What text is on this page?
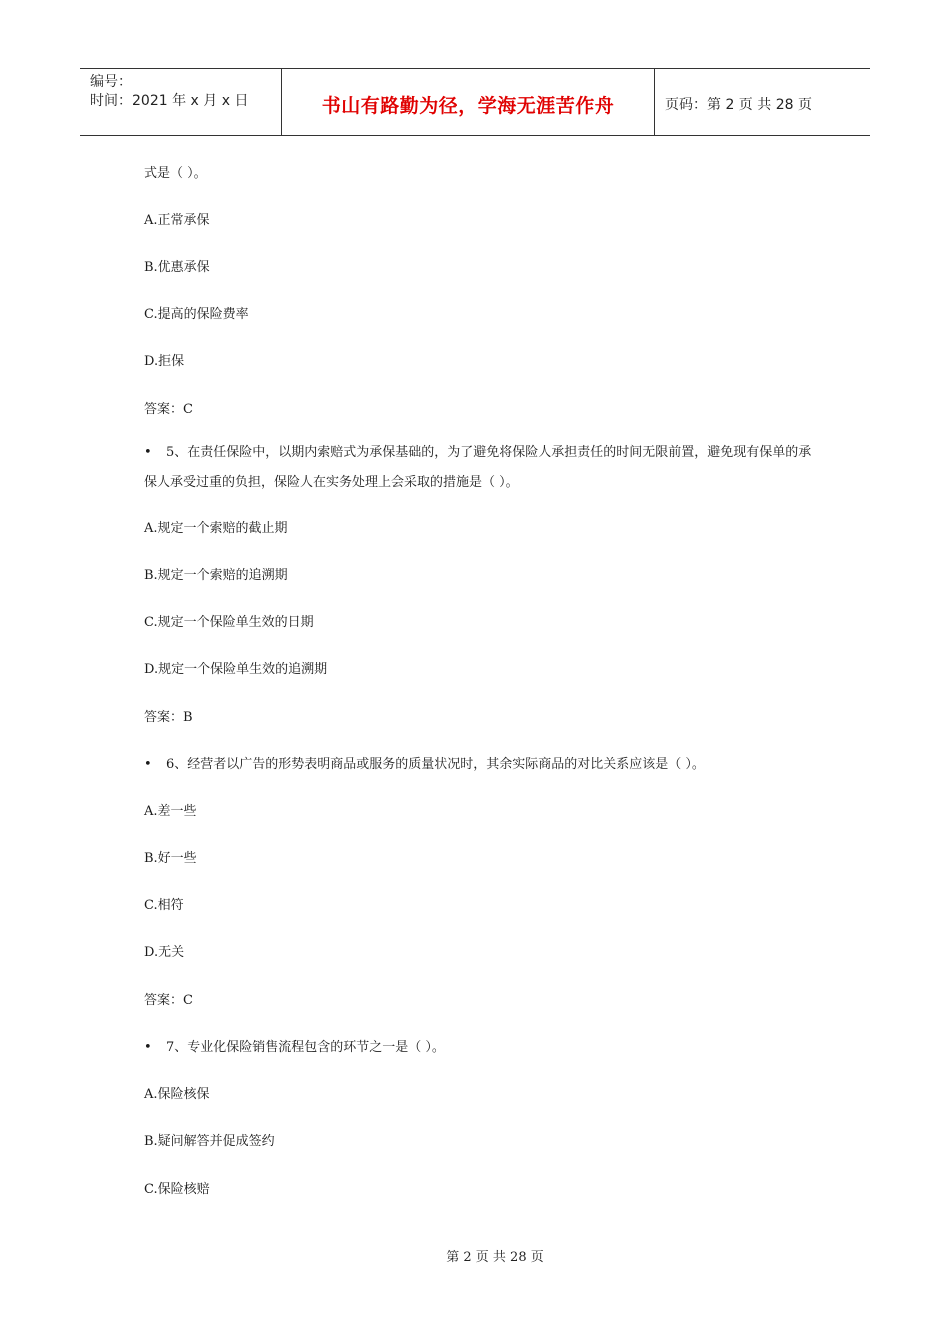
编号：
时间：2021 年 x 月 x 日	书山有路勤为径，学海无涯苦作舟	页码：第 2 页 共 28 页
式是（ ）。
A.正常承保
B.优惠承保
C.提高的保险费率
D.拒保
答案：C
• 5、在责任保险中，以期内索赔式为承保基础的，为了避免将保险人承担责任的时间无限前置，避免现有保单的承保人承受过重的负担，保险人在实务处理上会采取的措施是（ ）。
A.规定一个索赔的截止期
B.规定一个索赔的追溯期
C.规定一个保险单生效的日期
D.规定一个保险单生效的追溯期
答案：B
• 6、经营者以广告的形势表明商品或服务的质量状况时，其余实际商品的对比关系应该是（ ）。
A.差一些
B.好一些
C.相符
D.无关
答案：C
• 7、专业化保险销售流程包含的环节之一是（ ）。
A.保险核保
B.疑问解答并促成签约
C.保险核赔
第 2 页 共 28 页
